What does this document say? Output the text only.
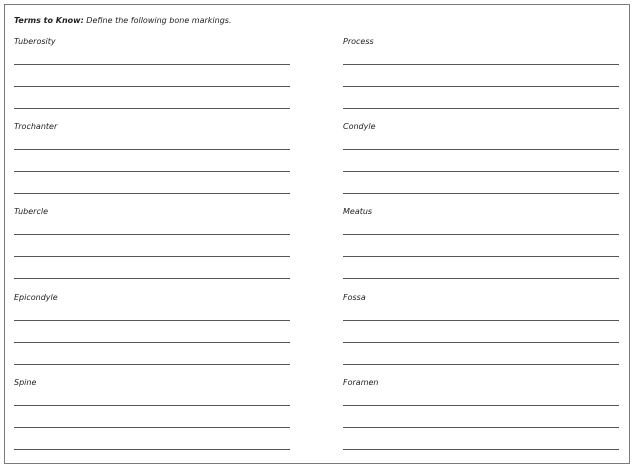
Terms to Know: Define the following bone markings.
Tuberosity	Process
Trochanter	Condyle
Tubercle	Meatus
Epicondyle	Fossa
Spine	Foramen
